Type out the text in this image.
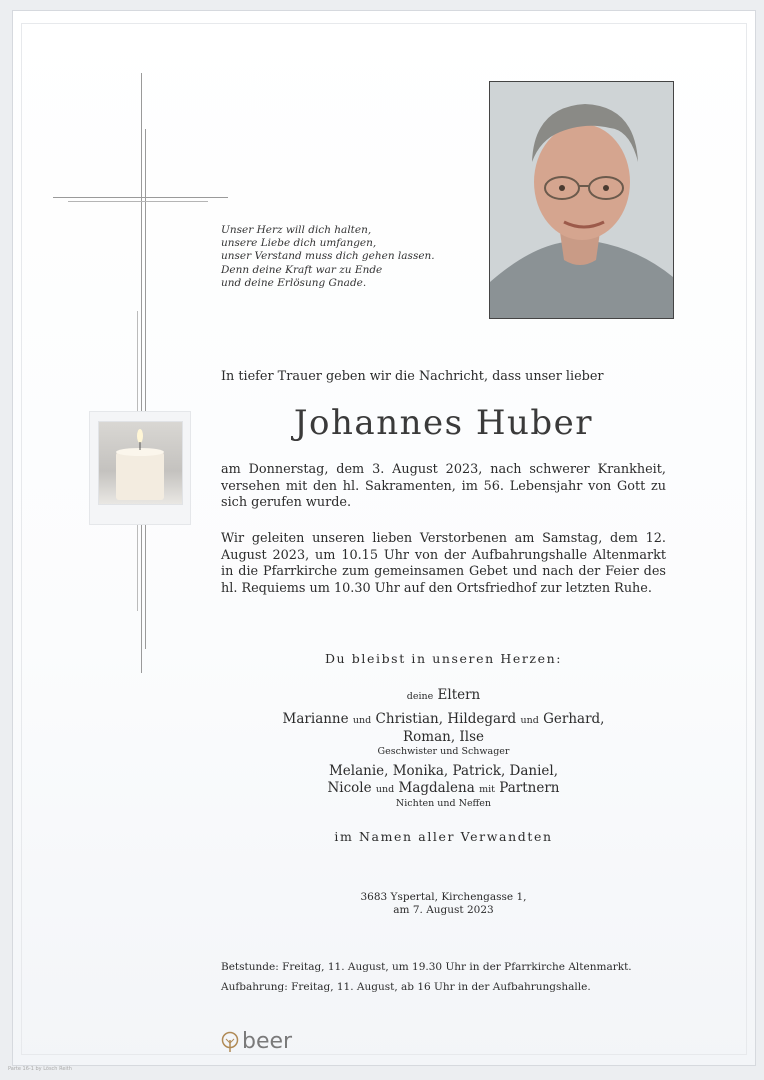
Unser Herz will dich halten,
unsere Liebe dich umfangen,
unser Verstand muss dich gehen lassen.
Denn deine Kraft war zu Ende
und deine Erlösung Gnade.
In tiefer Trauer geben wir die Nachricht, dass unser lieber
Johannes Huber
am Donnerstag, dem 3. August 2023, nach schwerer Krankheit, versehen mit den hl. Sakramenten, im 56. Lebensjahr von Gott zu sich gerufen wurde.
Wir geleiten unseren lieben Verstorbenen am Samstag, dem 12. August 2023, um 10.15 Uhr von der Aufbahrungshalle Altenmarkt in die Pfarrkirche zum gemeinsamen Gebet und nach der Feier des hl. Requiems um 10.30 Uhr auf den Ortsfriedhof zur letzten Ruhe.
Du bleibst in unseren Herzen:
deine Eltern
Marianne und Christian, Hildegard und Gerhard,
Roman, Ilse
Geschwister und Schwager
Melanie, Monika, Patrick, Daniel,
Nicole und Magdalena mit Partnern
Nichten und Neffen
im Namen aller Verwandten
3683 Yspertal, Kirchengasse 1,
am 7. August 2023
Betstunde: Freitag, 11. August, um 19.30 Uhr in der Pfarrkirche Altenmarkt.
Aufbahrung: Freitag, 11. August, ab 16 Uhr in der Aufbahrungshalle.
beer
Parte 16-1 by Lösch Reith
